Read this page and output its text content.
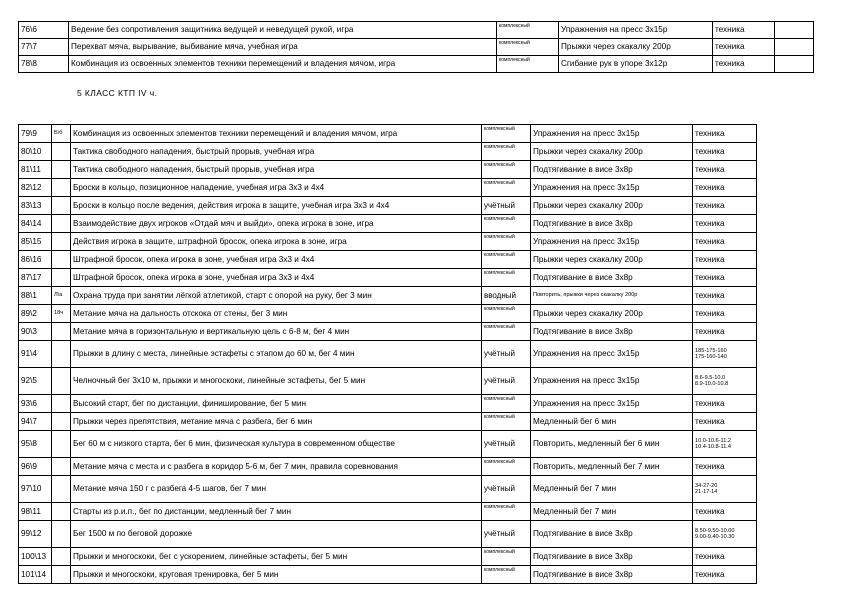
76\6	Ведение без сопротивления защитника ведущей и неведущей рукой, игра	комплексный	Упражнения на пресс 3х15р	техника	
77\7	Перехват мяча, вырывание, выбивание мяча, учебная игра	комплексный	Прыжки через скакалку 200р	техника	
78\8	Комбинация из освоенных элементов техники перемещений и владения мячом, игра	комплексный	Сгибание рук в упоре 3х12р	техника	
5 КЛАСС КТП IV ч.
79\9	Б\б	Комбинация из освоенных элементов техники перемещений и владения мячом, игра	комплексный	Упражнения на пресс 3х15р	техника

80\10		Тактика свободного нападения, быстрый прорыв, учебная игра	комплексный	Прыжки через скакалку 200р	техника

81\11		Тактика свободного нападения, быстрый прорыв, учебная игра	комплексный	Подтягивание в висе 3х8р	техника

82\12		Броски в кольцо, позиционное нападение, учебная игра 3х3 и 4х4	комплексный	Упражнения на пресс 3х15р	техника

83\13		Броски в кольцо после ведения, действия игрока в защите, учебная игра 3х3 и 4х4	учётный	Прыжки через скакалку 200р	техника

84\14		Взаимодействие двух игроков «Отдай мяч и выйди», опека игрока в зоне, игра	комплексный	Подтягивание в висе 3х8р	техника

85\15		Действия игрока в защите, штрафной бросок, опека игрока в зоне, игра	комплексный	Упражнения на пресс 3х15р	техника

86\16		Штрафной бросок, опека игрока в зоне, учебная игра 3х3 и 4х4	комплексный	Прыжки через скакалку 200р	техника

87\17		Штрафной бросок, опека игрока в зоне, учебная игра 3х3 и 4х4	комплексный	Подтягивание в висе 3х8р	техника

88\1	Л\а	Охрана труда при занятии лёгкой атлетикой, старт с опорой на руку, бег 3 мин	вводный	Повторить, прыжки через скакалку 200р	техника

89\2	18ч	Метание мяча на дальность отскока от стены, бег 3 мин	комплексный	Прыжки через скакалку 200р	техника

90\3		Метание мяча в горизонтальную и вертикальную цель с 6-8 м, бег 4 мин	комплексный	Подтягивание в висе 3х8р	техника

91\4		Прыжки в длину с места, линейные эстафеты с этапом до 60 м, бег 4 мин	учётный	Упражнения на пресс 3х15р	185-175-160
175-160-140

92\5		Челночный бег 3х10 м, прыжки и многоскоки, линейные эстафеты, бег 5 мин	учётный	Упражнения на пресс 3х15р	8.6-9.5-10.0
8.9-10.0-10.8

93\6		Высокий старт, бег по дистанции, финиширование, бег 5 мин	комплексный	Упражнения на пресс 3х15р	техника

94\7		Прыжки через препятствия, метание мяча с разбега, бег 6 мин	комплексный	Медленный бег 6 мин	техника

95\8		Бег 60 м с низкого старта, бег 6 мин, физическая культура в современном обществе	учётный	Повторить, медленный бег 6 мин	10.0-10.6-11.2
10.4-10.8-11.4

96\9		Метание мяча с места и с разбега в коридор 5-6 м, бег 7 мин, правила соревнования	комплексный	Повторить, медленный бег 7 мин	техника

97\10		Метание мяча 150 г с разбега 4-5 шагов, бег 7 мин	учётный	Медленный бег 7 мин	34-27-20
21-17-14

98\11		Старты из р.и.п., бег по дистанции, медленный бег 7 мин	комплексный	Медленный бег 7 мин	техника

99\12		Бег 1500 м по беговой дорожке	учётный	Подтягивание в висе 3х8р	8.50-9.50-10.00
9.00-9.40-10.30

100\13		Прыжки и многоскоки, бег с ускорением, линейные эстафеты, бег 5 мин	комплексный	Подтягивание в висе 3х8р	техника

101\14		Прыжки и многоскоки, круговая тренировка, бег 5 мин	комплексный	Подтягивание в висе 3х8р	техника
